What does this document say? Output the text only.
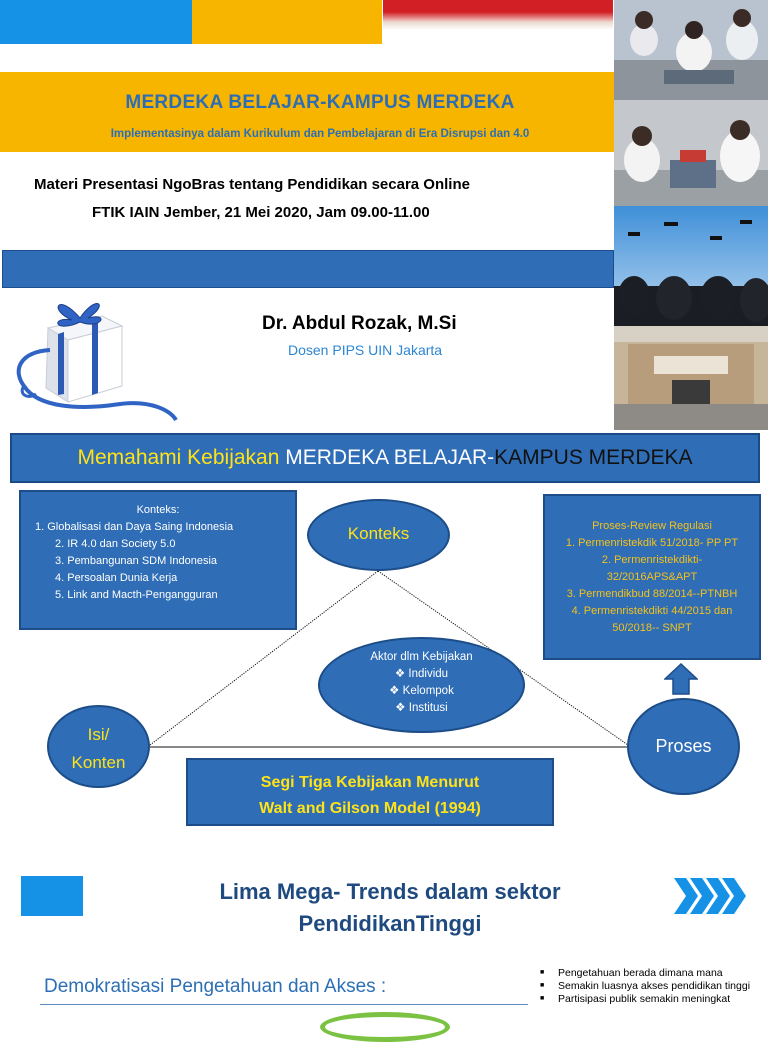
MERDEKA BELAJAR-KAMPUS MERDEKA
Implementasinya dalam Kurikulum dan Pembelajaran di Era Disrupsi dan 4.0
Materi Presentasi NgoBras tentang Pendidikan secara Online
FTIK IAIN Jember, 21 Mei 2020, Jam 09.00-11.00
Dr. Abdul Rozak, M.Si
Dosen PIPS UIN Jakarta
Memahami Kebijakan MERDEKA BELAJAR-KAMPUS MERDEKA
Konteks:
1. Globalisasi dan Daya Saing Indonesia
2. IR 4.0 dan Society 5.0
3. Pembangunan SDM Indonesia
4. Persoalan Dunia Kerja
5. Link and Macth-Pengangguran
Konteks	Proses-Review Regulasi
1. Permenristekdik 51/2018- PP PT
2. Permenristekdikti-
32/2016APS&APT
3. Permendikbud 88/2014--PTNBH
4. Permenristekdikti 44/2015 dan
50/2018-- SNPT
Aktor dlm Kebijakan
❖ Individu
❖ Kelompok
❖ Institusi
Isi/
Konten
Proses
Segi Tiga Kebijakan Menurut
Walt and Gilson Model (1994)
Lima Mega- Trends dalam sektor
PendidikanTinggi
Demokratisasi Pengetahuan dan Akses :
■ Pengetahuan berada dimana mana
■ Semakin luasnya akses pendidikan tinggi
■ Partisipasi publik semakin meningkat
